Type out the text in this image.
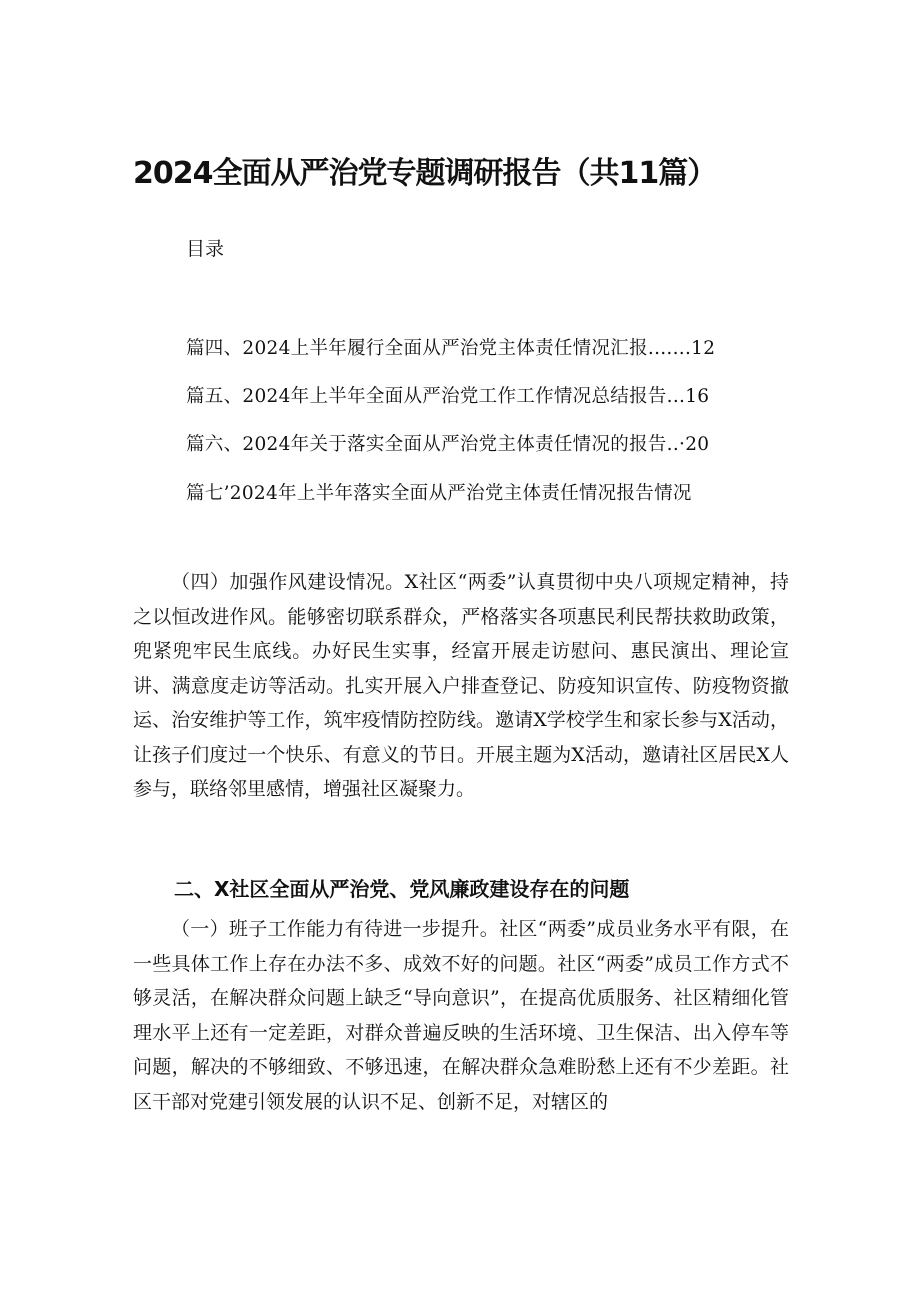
2024全面从严治党专题调研报告（共11篇）
目录
篇四、2024上半年履行全面从严治党主体责任情况汇报.......12
篇五、2024年上半年全面从严治党工作工作情况总结报告...16
篇六、2024年关于落实全面从严治党主体责任情况的报告..·20
篇七’2024年上半年落实全面从严治党主体责任情况报告情况
（四）加强作风建设情况。X社区“两委”认真贯彻中央八项规定精神，持之以恒改进作风。能够密切联系群众，严格落实各项惠民利民帮扶救助政策，兜紧兜牢民生底线。办好民生实事，经富开展走访慰问、惠民演出、理论宣讲、满意度走访等活动。扎实开展入户排查登记、防疫知识宣传、防疫物资撤运、治安维护等工作，筑牢疫情防控防线。邀请X学校学生和家长参与X活动，让孩子们度过一个快乐、有意义的节日。开展主题为X活动，邀请社区居民X人参与，联络邻里感情，增强社区凝聚力。
二、X社区全面从严治党、党风廉政建设存在的问题
（一）班子工作能力有待进一步提升。社区“两委”成员业务水平有限，在一些具体工作上存在办法不多、成效不好的问题。社区“两委”成员工作方式不够灵活，在解决群众问题上缺乏“导向意识”，在提高优质服务、社区精细化管理水平上还有一定差距，对群众普遍反映的生活环境、卫生保洁、出入停车等问题，解决的不够细致、不够迅速，在解决群众急难盼愁上还有不少差距。社区干部对党建引领发展的认识不足、创新不足，对辖区的
